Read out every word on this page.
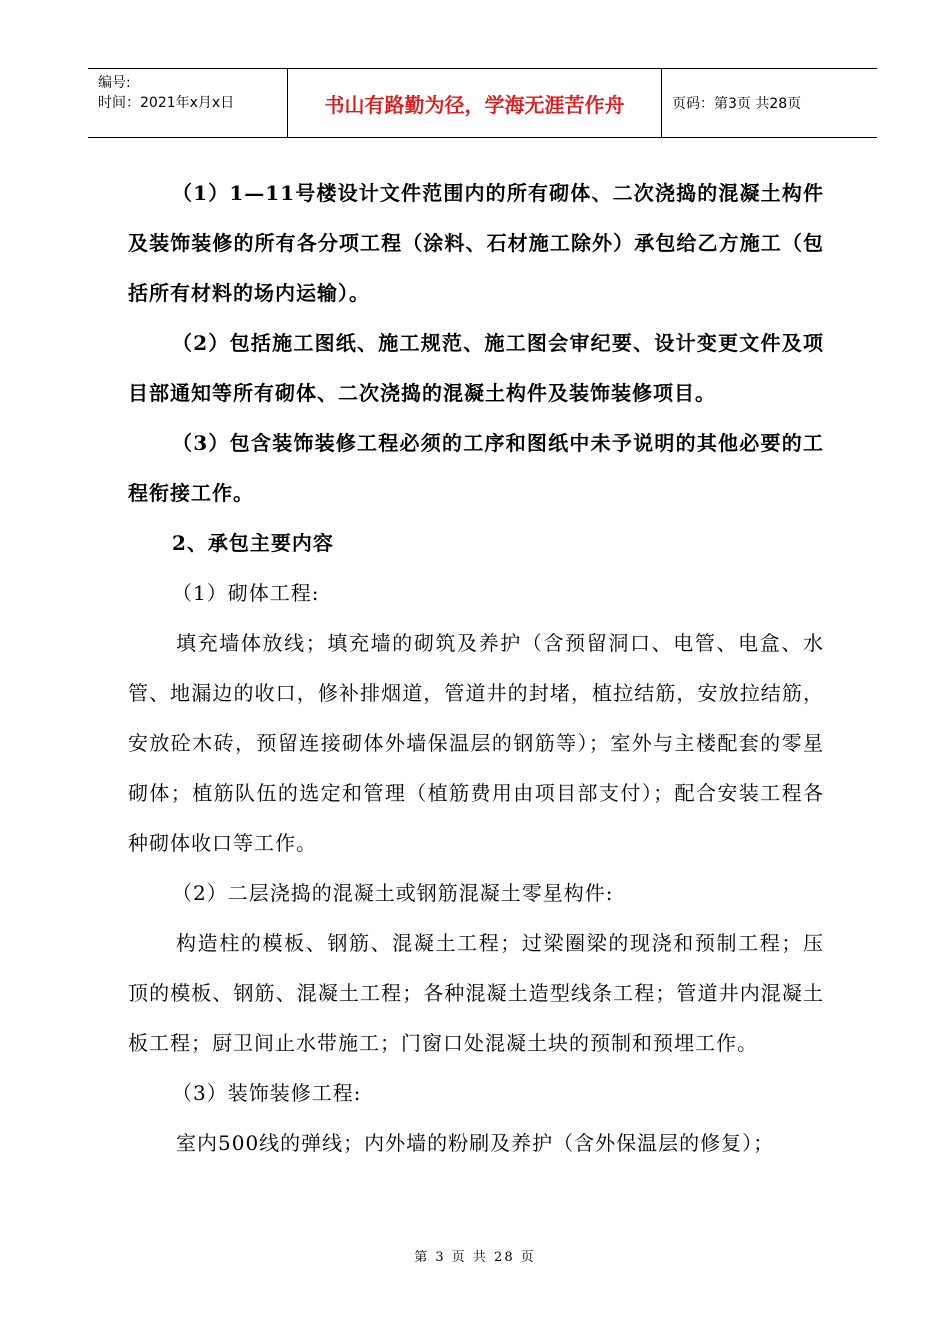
编号:
时间：2021年x月x日	书山有路勤为径，学海无涯苦作舟	页码：第3页 共28页

（1）1—11号楼设计文件范围内的所有砌体、二次浇捣的混凝土构件及装饰装修的所有各分项工程（涂料、石材施工除外）承包给乙方施工（包括所有材料的场内运输）。

（2）包括施工图纸、施工规范、施工图会审纪要、设计变更文件及项目部通知等所有砌体、二次浇捣的混凝土构件及装饰装修项目。

（3）包含装饰装修工程必须的工序和图纸中未予说明的其他必要的工程衔接工作。

2、承包主要内容

（1）砌体工程:

填充墙体放线；填充墙的砌筑及养护（含预留洞口、电管、电盒、水管、地漏边的收口，修补排烟道，管道井的封堵，植拉结筋，安放拉结筋，安放砼木砖，预留连接砌体外墙保温层的钢筋等）；室外与主楼配套的零星砌体；植筋队伍的选定和管理（植筋费用由项目部支付）；配合安装工程各种砌体收口等工作。

（2）二层浇捣的混凝土或钢筋混凝土零星构件:

构造柱的模板、钢筋、混凝土工程；过梁圈梁的现浇和预制工程；压顶的模板、钢筋、混凝土工程；各种混凝土造型线条工程；管道井内混凝土板工程；厨卫间止水带施工；门窗口处混凝土块的预制和预埋工作。

（3）装饰装修工程:

室内500线的弹线；内外墙的粉刷及养护（含外保温层的修复）；

第 3 页 共 28 页
